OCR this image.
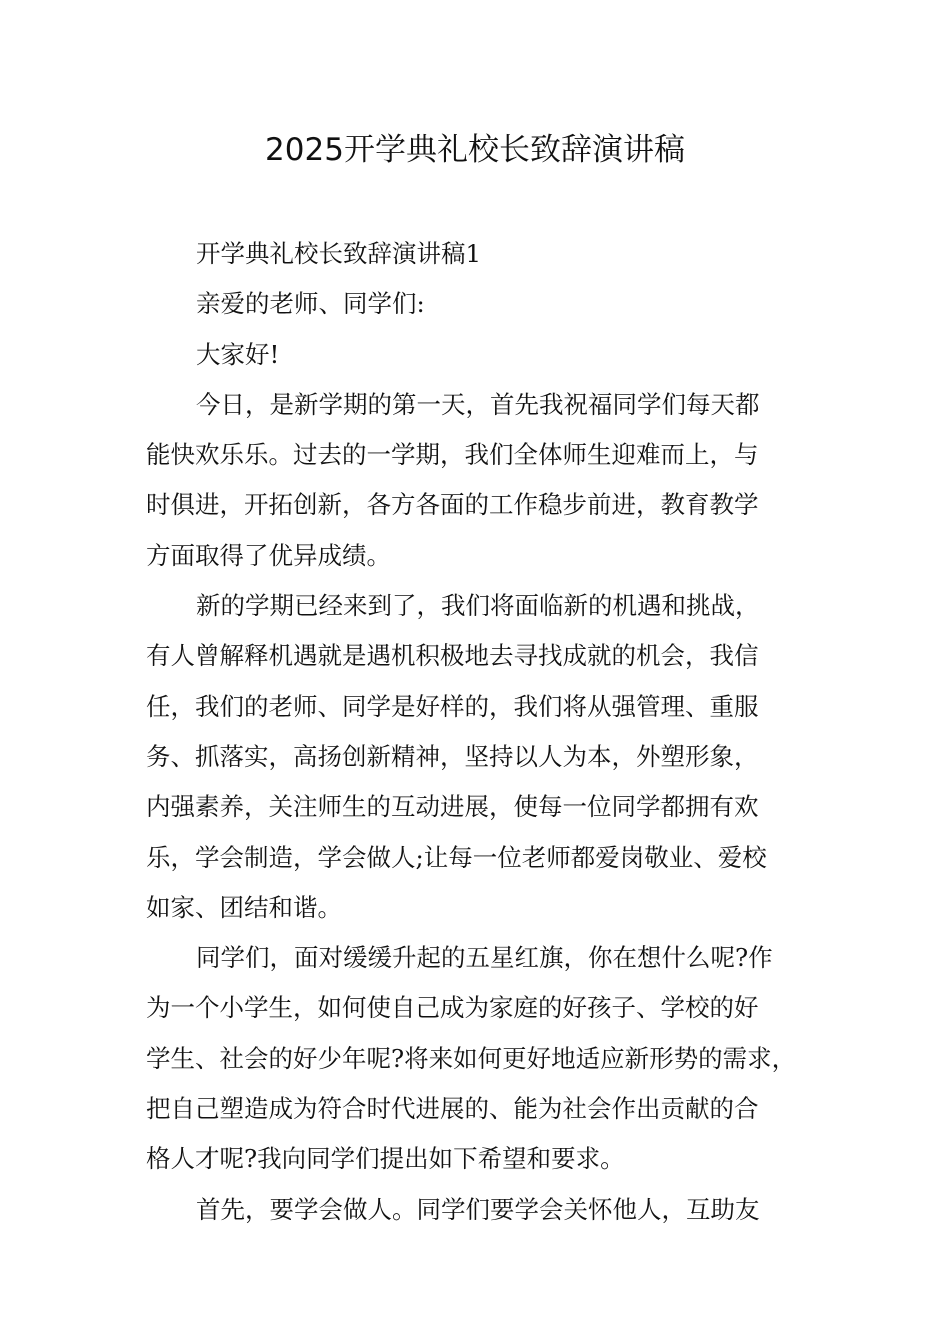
2025开学典礼校长致辞演讲稿
开学典礼校长致辞演讲稿1
亲爱的老师、同学们:
大家好!
今日，是新学期的第一天，首先我祝福同学们每天都
能快欢乐乐。过去的一学期，我们全体师生迎难而上，与
时俱进，开拓创新，各方各面的工作稳步前进，教育教学
方面取得了优异成绩。
新的学期已经来到了，我们将面临新的机遇和挑战，
有人曾解释机遇就是遇机积极地去寻找成就的机会，我信
任，我们的老师、同学是好样的，我们将从强管理、重服
务、抓落实，高扬创新精神，坚持以人为本，外塑形象，
内强素养，关注师生的互动进展，使每一位同学都拥有欢
乐，学会制造，学会做人;让每一位老师都爱岗敬业、爱校
如家、团结和谐。
同学们，面对缓缓升起的五星红旗，你在想什么呢?作
为一个小学生，如何使自己成为家庭的好孩子、学校的好
学生、社会的好少年呢?将来如何更好地适应新形势的需求，
把自己塑造成为符合时代进展的、能为社会作出贡献的合
格人才呢?我向同学们提出如下希望和要求。
首先，要学会做人。同学们要学会关怀他人，互助友
